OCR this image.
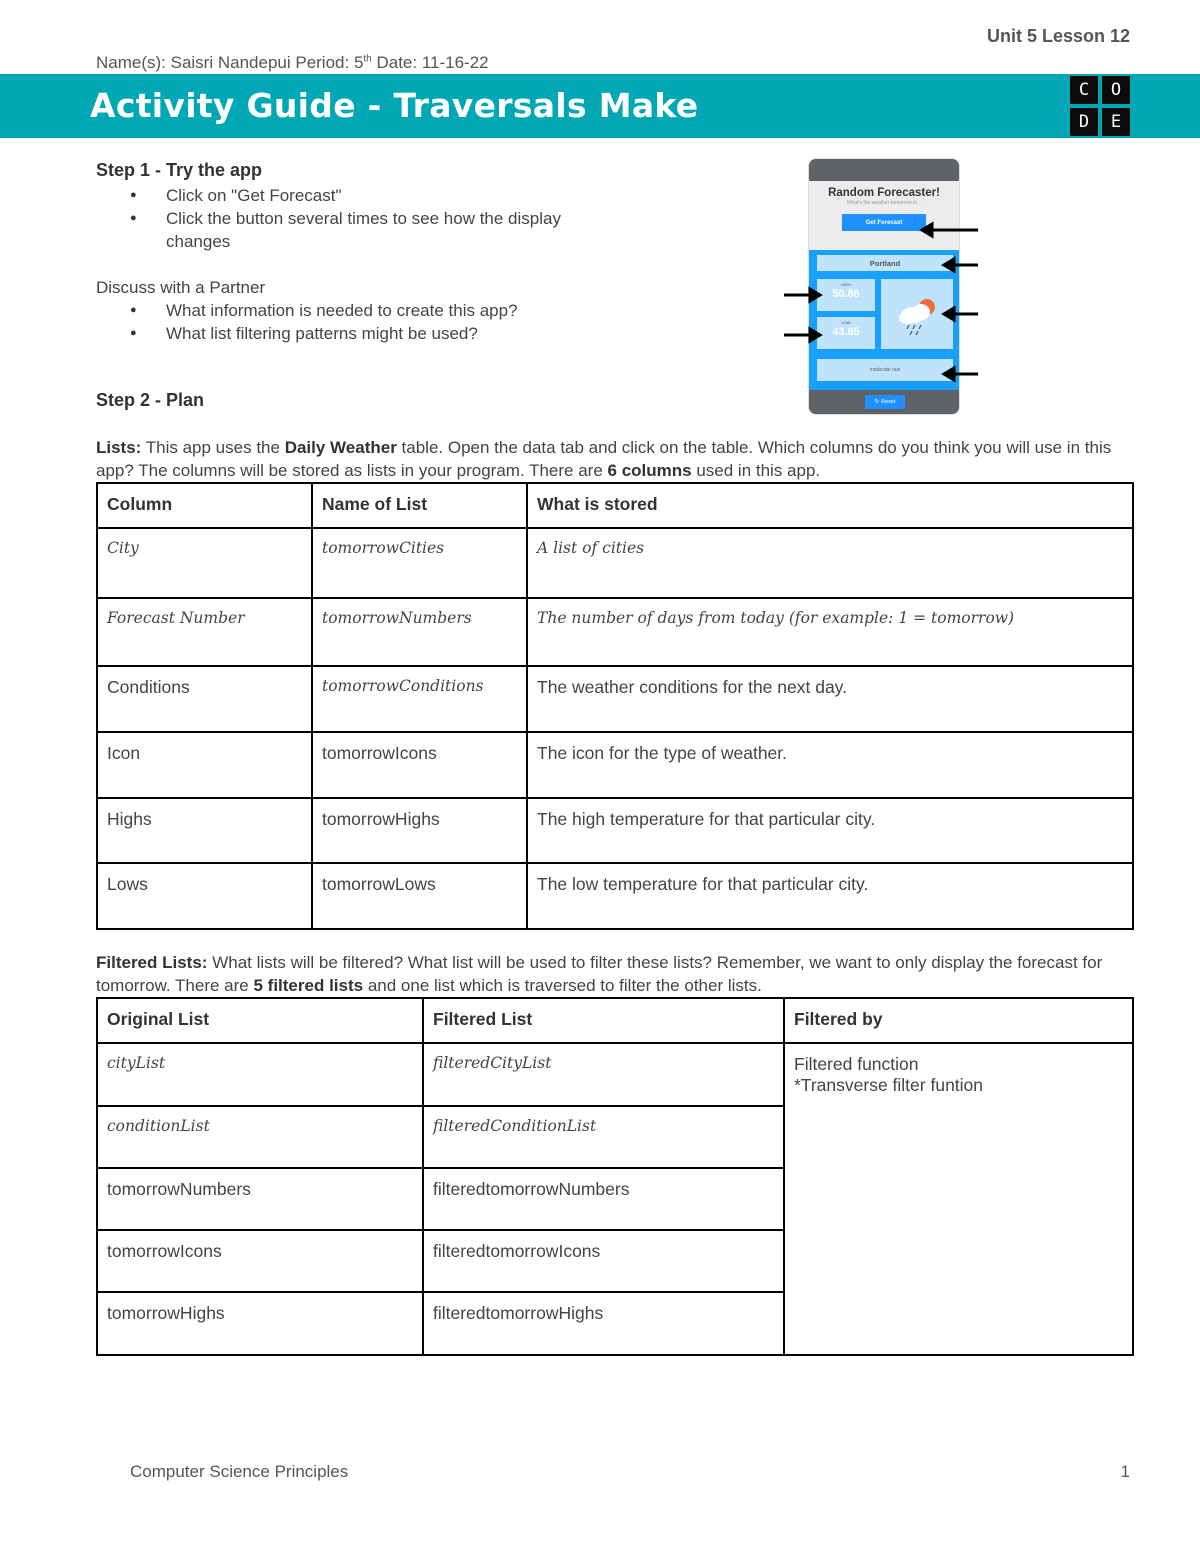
Unit 5 Lesson 12
Name(s): Saisri Nandepui Period: 5th Date: 11-16-22
Activity Guide - Traversals Make	C	O
D	E
Step 1 - Try the app
● Click on "Get Forecast"
● Click the button several times to see how the display changes
Discuss with a Partner
● What information is needed to create this app?
● What list filtering patterns might be used?
Random Forecaster!
What's the weather tomorrow in...
Get Forecast
Portland
HIGH
50.86
LOW
43.65
moderate rain
↻ Reset
Step 2 - Plan
Lists: This app uses the Daily Weather table. Open the data tab and click on the table. Which columns do you think you will use in this app? The columns will be stored as lists in your program. There are 6 columns used in this app.
Column	Name of List	What is stored
City	tomorrowCities	A list of cities
Forecast Number	tomorrowNumbers	The number of days from today (for example: 1 = tomorrow)
Conditions	tomorrowConditions	The weather conditions for the next day.
Icon	tomorrowIcons	The icon for the type of weather.
Highs	tomorrowHighs	The high temperature for that particular city.
Lows	tomorrowLows	The low temperature for that particular city.
Filtered Lists: What lists will be filtered? What list will be used to filter these lists? Remember, we want to only display the forecast for tomorrow. There are 5 filtered lists and one list which is traversed to filter the other lists.
Original List	Filtered List	Filtered by
cityList	filteredCityList	Filtered function
*Transverse filter funtion

conditionList	filteredConditionList	
tomorrowNumbers	filteredtomorrowNumbers	
tomorrowIcons	filteredtomorrowIcons	
tomorrowHighs	filteredtomorrowHighs	
Computer Science Principles	1
